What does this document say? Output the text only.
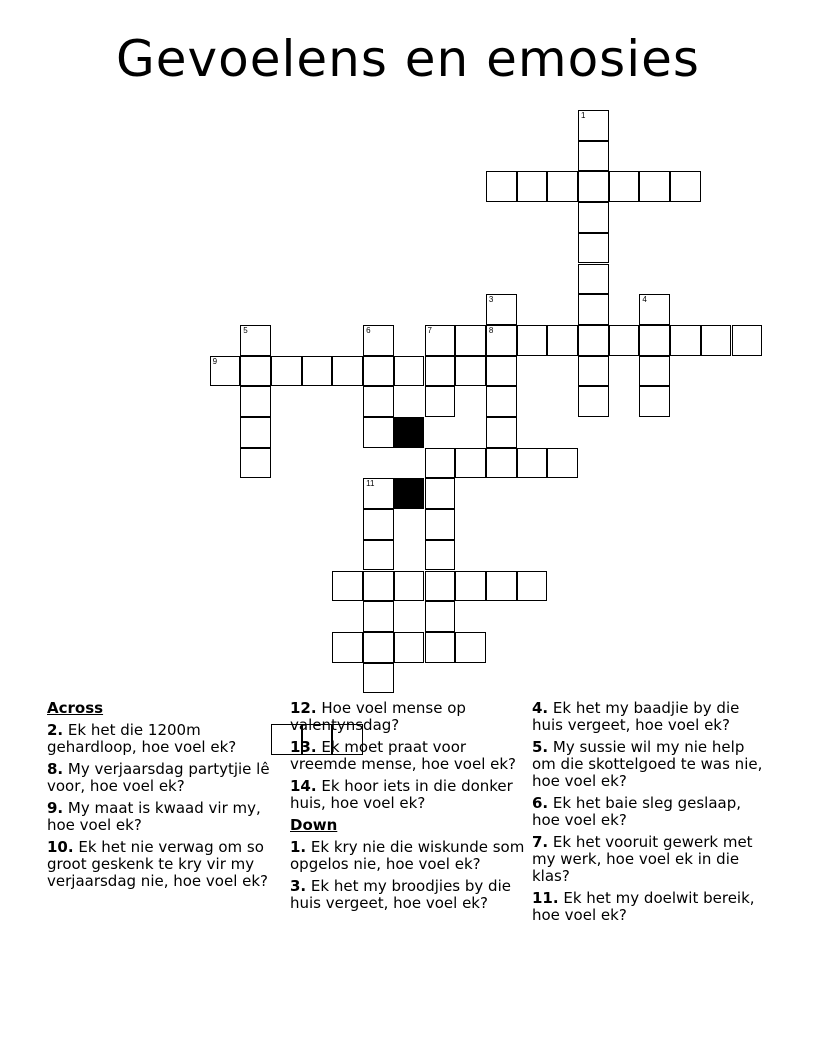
Gevoelens en emosies
1
7	8
3	4
9
5	6
11
Across
2. Ek het die 1200m gehardloop, hoe voel ek?
8. My verjaarsdag partytjie lê voor, hoe voel ek?
9. My maat is kwaad vir my, hoe voel ek?
10. Ek het nie verwag om so groot geskenk te kry vir my verjaarsdag nie, hoe voel ek?
12. Hoe voel mense op valentynsdag?
13. Ek moet praat voor vreemde mense, hoe voel ek?
14. Ek hoor iets in die donker huis, hoe voel ek?
Down
1. Ek kry nie die wiskunde som opgelos nie, hoe voel ek?
3. Ek het my broodjies by die huis vergeet, hoe voel ek?
4. Ek het my baadjie by die huis vergeet, hoe voel ek?
5. My sussie wil my nie help om die skottelgoed te was nie, hoe voel ek?
6. Ek het baie sleg geslaap, hoe voel ek?
7. Ek het vooruit gewerk met my werk, hoe voel ek in die klas?
11. Ek het my doelwit bereik, hoe voel ek?
